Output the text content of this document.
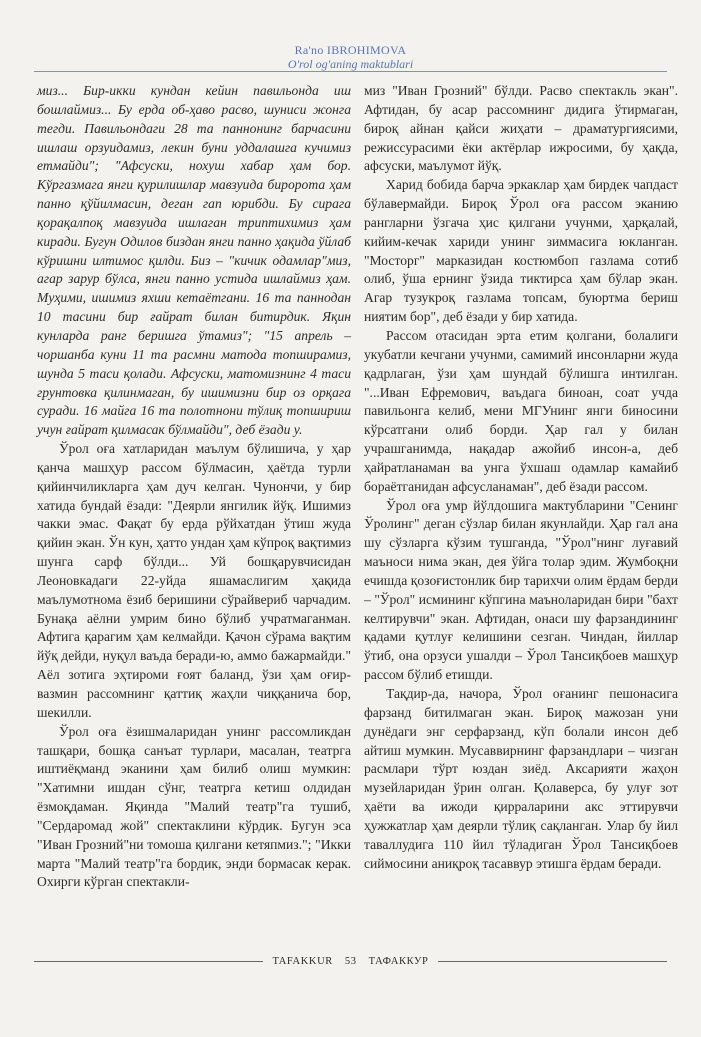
Ra'no IBROHIMOVA
O'rol og'aning maktublari

миз... Бир-икки кундан кейин павильонда иш бошлаймиз... Бу ерда об-ҳаво расво, шуниси жонга тегди. Павильондаги 28 та паннонинг барчасини ишлаш орзуидамиз, лекин буни уддалашга кучимиз етмайди"; "Афсуски, нохуш хабар ҳам бор. Кўргазмага янги қурилишлар мавзуида биророта ҳам панно қўйилмасин, деган гап юрибди. Бу сирага қорақалпоқ мавзуида ишлаган триптихимиз ҳам киради. Бугун Одилов биздан янги панно ҳақида ўйлаб кўришни илтимос қилди. Биз – "кичик одамлар"миз, агар зарур бўлса, янги панно устида ишлаймиз ҳам. Муҳими, ишимиз яхши кетаётгани. 16 та паннодан 10 тасини бир ғайрат билан битирдик. Яқин кунларда ранг беришга ўтамиз"; "15 апрель – чоршанба куни 11 та расмни матода топширамиз, шунда 5 таси қолади. Афсуски, матомизнинг 4 таси грунтовка қилинмаган, бу ишимизни бир оз орқага суради. 16 майга 16 та полотнони тўлиқ топшириш учун ғайрат қилмасак бўлмайди", деб ёзади у.

Ўрол оға хатларидан маълум бўлишича, у ҳар қанча машҳур рассом бўлмасин, ҳаётда турли қийинчиликларга ҳам дуч келган. Чунончи, у бир хатида бундай ёзади: "Деярли янгилик йўқ. Ишимиз чакки эмас. Фақат бу ерда рўйхатдан ўтиш жуда қийин экан. Ўн кун, ҳатто ундан ҳам кўпроқ вақтимиз шунга сарф бўлди... Уй бошқарувчисидан Леоновкадаги 22-уйда яшамаслигим ҳақида маълумотнома ёзиб беришини сўрайвериб чарчадим. Бунақа аёлни умрим бино бўлиб учратмаганман. Афтига қарагим ҳам келмайди. Қачон сўрама вақтим йўқ дейди, нуқул ваъда беради-ю, аммо бажармайди." Аёл зотига эҳтироми ғоят баланд, ўзи ҳам оғир-вазмин рассомнинг қаттиқ жаҳли чиққанича бор, шекилли.

Ўрол оға ёзишмаларидан унинг рассомликдан ташқари, бошқа санъат турлари, масалан, театрга иштиёқманд эканини ҳам билиб олиш мумкин: "Хатимни ишдан сўнг, театрга кетиш олдидан ёзмоқдаман. Яқинда "Малий театр"га тушиб, "Сердаромад жой" спектаклини кўрдик. Бугун эса "Иван Грозний"ни томоша қилгани кетяпмиз."; "Икки марта "Малий театр"га бордик, энди бормасак керак. Охирги кўрган спектакли-

миз "Иван Грозний" бўлди. Расво спектакль экан". Афтидан, бу асар рассомнинг дидига ўтирмаган, бироқ айнан қайси жиҳати – драматургиясими, режиссурасими ёки актёрлар ижросими, бу ҳақда, афсуски, маълумот йўқ.

Харид бобида барча эркаклар ҳам бирдек чапдаст бўлавермайди. Бироқ Ўрол оға рассом эканию рангларни ўзгача ҳис қилгани учунми, ҳарқалай, кийим-кечак хариди унинг зиммасига юкланган. "Мосторг" марказидан костюмбоп газлама сотиб олиб, ўша ернинг ўзида тиктирса ҳам бўлар экан. Агар тузукроқ газлама топсам, буюртма бериш ниятим бор", деб ёзади у бир хатида.

Рассом отасидан эрта етим қолгани, болалиги укубатли кечгани учунми, самимий инсонларни жуда қадрлаган, ўзи ҳам шундай бўлишга интилган. "...Иван Ефремович, ваъдага биноан, соат учда павильонга келиб, мени МГУнинг янги биносини кўрсатгани олиб борди. Ҳар гал у билан учрашганимда, нақадар ажойиб инсон-а, деб ҳайратланаман ва унга ўхшаш одамлар камайиб бораётганидан афсусланаман", деб ёзади рассом.

Ўрол оға умр йўлдошига мактубларини "Сенинг Ўролинг" деган сўзлар билан якунлайди. Ҳар гал ана шу сўзларга кўзим тушганда, "Ўрол"нинг луғавий маъноси нима экан, дея ўйга толар эдим. Жумбоқни ечишда қозоғистонлик бир тарихчи олим ёрдам берди – "Ўрол" исмининг кўпгина маъноларидан бири "бахт келтирувчи" экан. Афтидан, онаси шу фарзандининг қадами қутлуғ келишини сезган. Чиндан, йиллар ўтиб, она орзуси ушалди – Ўрол Тансиқбоев машҳур рассом бўлиб етишди.

Тақдир-да, начора, Ўрол оғанинг пешонасига фарзанд битилмаган экан. Бироқ мажозан уни дунёдаги энг серфарзанд, кўп болали инсон деб айтиш мумкин. Мусаввирнинг фарзандлари – чизган расмлари тўрт юздан зиёд. Аксарияти жаҳон музейларидан ўрин олган. Қолаверса, бу улуғ зот ҳаёти ва ижоди қирраларини акс эттирувчи ҳужжатлар ҳам деярли тўлиқ сақланган. Улар бу йил таваллудига 110 йил тўладиган Ўрол Тансиқбоев сиймосини аниқроқ тасаввур этишга ёрдам беради.

TAFAKKUR 53 ТАФАККУР
